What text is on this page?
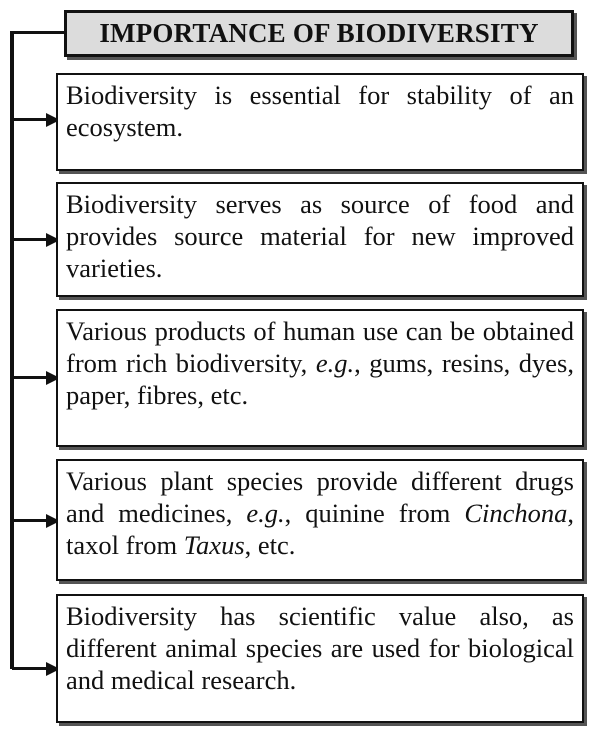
IMPORTANCE OF BIODIVERSITY
Biodiversity is essential for stability of an ecosystem.
Biodiversity serves as source of food and provides source material for new improved varieties.
Various products of human use can be obtained from rich biodiversity, e.g., gums, resins, dyes, paper, fibres, etc.
Various plant species provide different drugs and medicines, e.g., quinine from Cinchona, taxol from Taxus, etc.
Biodiversity has scientific value also, as different animal species are used for biological and medical research.
